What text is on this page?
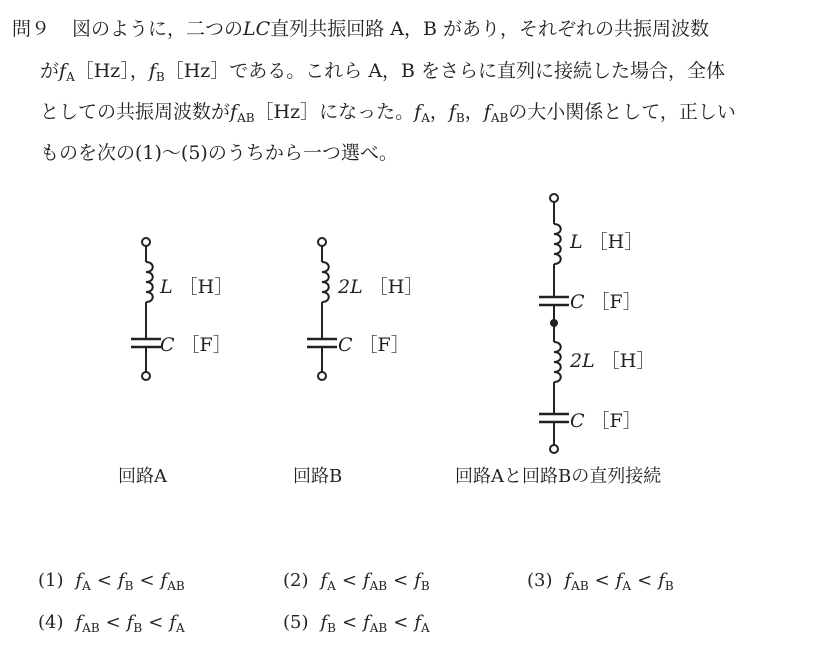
問９ 図のように，二つのLC直列共振回路 A，B があり，それぞれの共振周波数
が$f_A[Hz]$，$f_B[Hz]$である。これら A，B をさらに直列に接続した場合，全体
としての共振周波数が$f_{AB}[Hz]$になった。$f_A$，$f_B$，$f_{AB}$の大小関係として，正しい
ものを次の(1)～(5)のうちから一つ選べ。
L ［H］
C ［F］
2L ［H］
C ［F］
L ［H］
C ［F］
2L ［H］
C ［F］
回路A	回路B	回路Aと回路Bの直列接続
(1) $f_A < f_B < f_{AB}$	(2) $f_A < f_{AB} < f_B$	(3) $f_{AB} < f_A < f_B$
(4) $f_{AB} < f_B < f_A$	(5) $f_B < f_{AB} < f_A$
